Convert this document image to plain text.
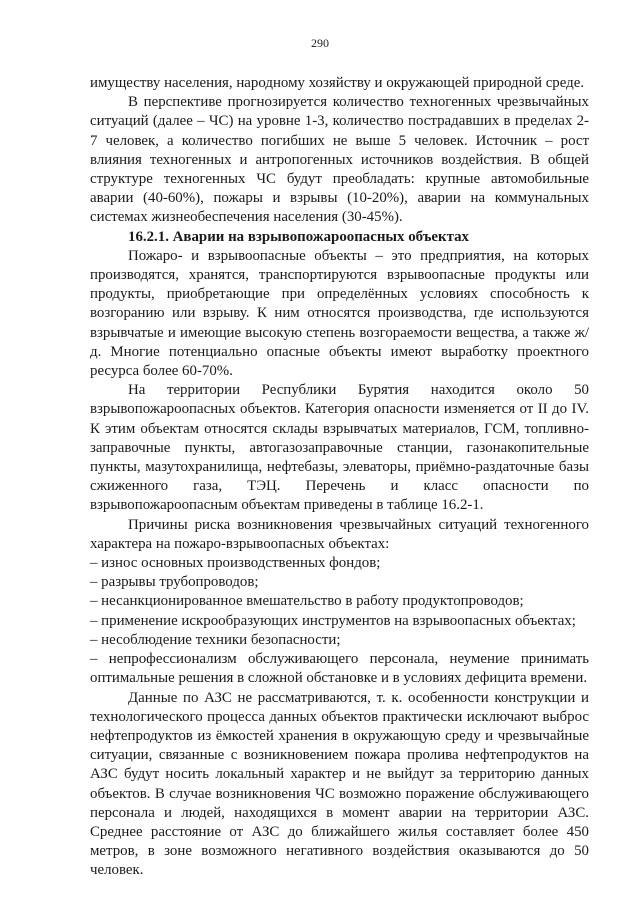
290

имуществу населения, народному хозяйству и окружающей природной среде.

В перспективе прогнозируется количество техногенных чрезвычайных ситуаций (далее – ЧС) на уровне 1-3, количество пострадавших в пределах 2-7 человек, а количество погибших не выше 5 человек. Источник – рост влияния техногенных и антропогенных источников воздействия. В общей структуре техногенных ЧС будут преобладать: крупные автомобильные аварии (40-60%), пожары и взрывы (10-20%), аварии на коммунальных системах жизнеобеспечения населения (30-45%).

16.2.1. Аварии на взрывопожароопасных объектах

Пожаро- и взрывоопасные объекты – это предприятия, на которых производятся, хранятся, транспортируются взрывоопасные продукты или продукты, приобретающие при определённых условиях способность к возгоранию или взрыву. К ним относятся производства, где используются взрывчатые и имеющие высокую степень возгораемости вещества, а также ж/д. Многие потенциально опасные объекты имеют выработку проектного ресурса более 60-70%.

На территории Республики Бурятия находится около 50 взрывопожароопасных объектов. Категория опасности изменяется от II до IV. К этим объектам относятся склады взрывчатых материалов, ГСМ, топливно-заправочные пункты, автогазозаправочные станции, газонакопительные пункты, мазутохранилища, нефтебазы, элеваторы, приёмно-раздаточные базы сжиженного газа, ТЭЦ. Перечень и класс опасности по взрывопожароопасным объектам приведены в таблице 16.2-1.

Причины риска возникновения чрезвычайных ситуаций техногенного характера на пожаро-взрывоопасных объектах:

– износ основных производственных фондов;

– разрывы трубопроводов;

– несанкционированное вмешательство в работу продуктопроводов;

– применение искрообразующих инструментов на взрывоопасных объектах;

– несоблюдение техники безопасности;

– непрофессионализм обслуживающего персонала, неумение принимать оптимальные решения в сложной обстановке и в условиях дефицита времени.

Данные по АЗС не рассматриваются, т. к. особенности конструкции и технологического процесса данных объектов практически исключают выброс нефтепродуктов из ёмкостей хранения в окружающую среду и чрезвычайные ситуации, связанные с возникновением пожара пролива нефтепродуктов на АЗС будут носить локальный характер и не выйдут за территорию данных объектов. В случае возникновения ЧС возможно поражение обслуживающего персонала и людей, находящихся в момент аварии на территории АЗС. Среднее расстояние от АЗС до ближайшего жилья составляет более 450 метров, в зоне возможного негативного воздействия оказываются до 50 человек.
